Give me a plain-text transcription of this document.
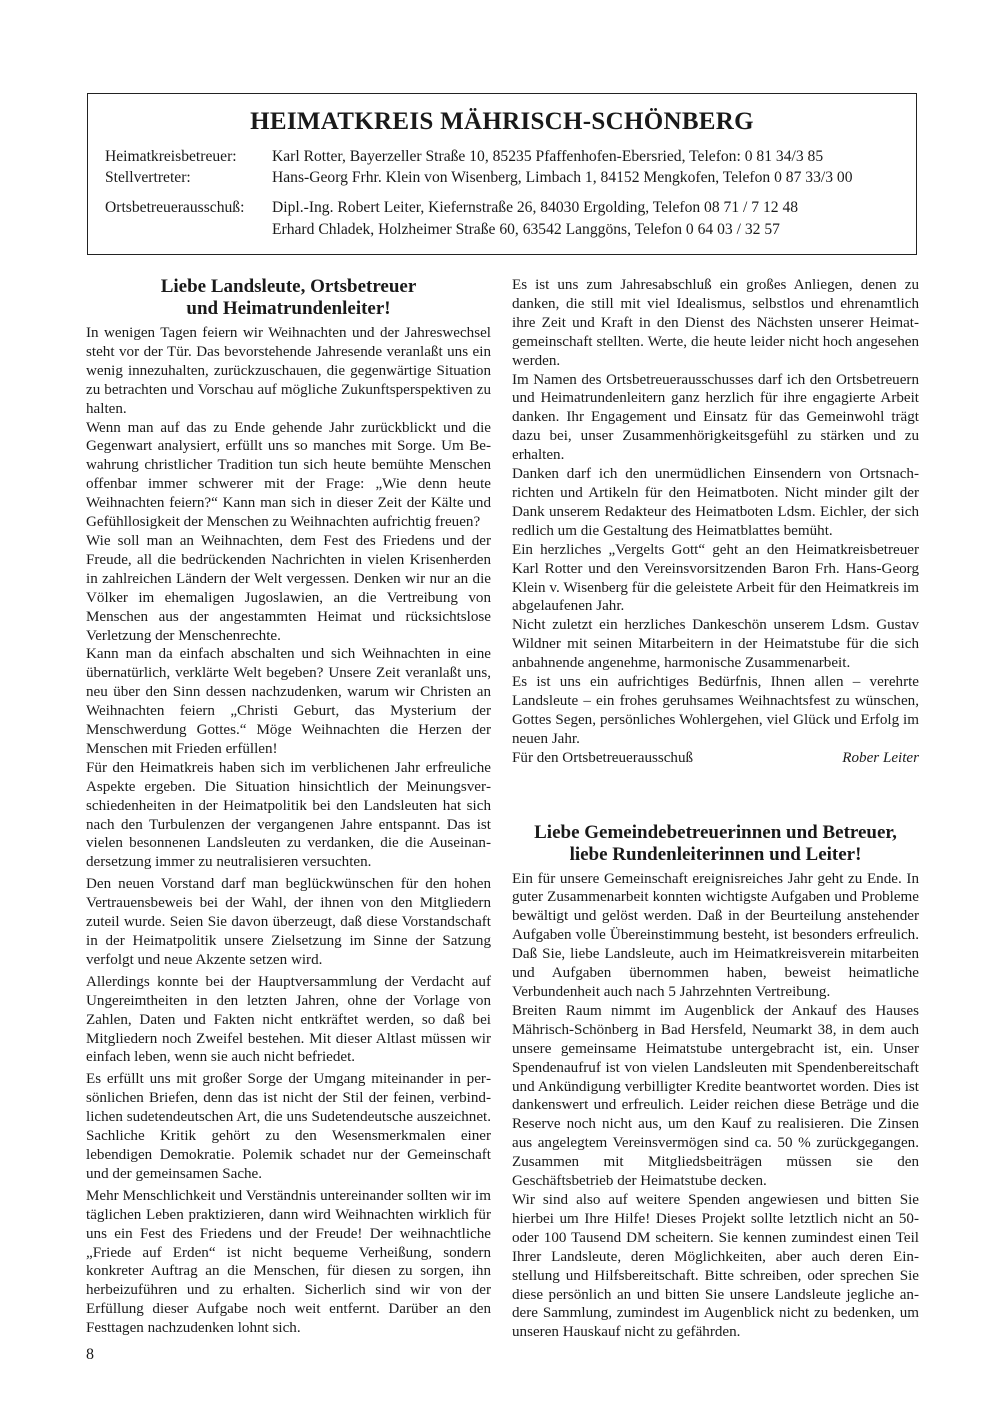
HEIMATKREIS MÄHRISCH-SCHÖNBERG
Heimatkreisbetreuer: Karl Rotter, Bayerzeller Straße 10, 85235 Pfaffenhofen-Ebersried, Telefon: 0 81 34/3 85
Stellvertreter:	Hans-Georg Frhr. Klein von Wisenberg, Limbach 1, 84152 Mengkofen, Telefon 0 87 33/3 00
Ortsbetreuerausschuß: Dipl.-Ing. Robert Leiter, Kiefernstraße 26, 84030 Ergolding, Telefon 08 71 / 7 12 48
Erhard Chladek, Holzheimer Straße 60, 63542 Langgöns, Telefon 0 64 03 / 32 57
Liebe Landsleute, Ortsbetreuer
und Heimatrundenleiter!

In wenigen Tagen feiern wir Weihnachten und der Jahreswechsel steht vor der Tür. Das bevorstehende Jahresende veranlaßt uns ein wenig innezuhalten, zurückzuschauen, die gegenwärtige Situation zu betrachten und Vorschau auf mögliche Zukunftsperspektiven zu halten.

Wenn man auf das zu Ende gehende Jahr zurückblickt und die Gegenwart analysiert, erfüllt uns so manches mit Sorge. Um Bewahrung christlicher Tradition tun sich heute bemühte Menschen offenbar immer schwerer mit der Frage: „Wie denn heute Weihnachten feiern?“ Kann man sich in dieser Zeit der Kälte und Gefühllosigkeit der Menschen zu Weihnachten aufrichtig freuen?

Wie soll man an Weihnachten, dem Fest des Friedens und der Freude, all die bedrückenden Nachrichten in vielen Krisenherden in zahlreichen Ländern der Welt vergessen. Denken wir nur an die Völker im ehemaligen Jugoslawien, an die Vertreibung von Menschen aus der angestammten Heimat und rücksichtslose Verletzung der Menschenrechte.

Kann man da einfach abschalten und sich Weihnachten in eine übernatürlich, verklärte Welt begeben? Unsere Zeit veranlaßt uns, neu über den Sinn dessen nachzudenken, warum wir Christen an Weihnachten feiern „Christi Geburt, das Mysterium der Menschwerdung Gottes.“ Möge Weihnachten die Herzen der Menschen mit Frieden erfüllen!

Für den Heimatkreis haben sich im verblichenen Jahr erfreuliche Aspekte ergeben. Die Situation hinsichtlich der Meinungsverschiedenheiten in der Heimatpolitik bei den Landsleuten hat sich nach den Turbulenzen der vergangenen Jahre entspannt. Das ist vielen besonnenen Landsleuten zu verdanken, die die Auseinandersetzung immer zu neutralisieren versuchten.

Den neuen Vorstand darf man beglückwünschen für den hohen Vertrauensbeweis bei der Wahl, der ihnen von den Mitgliedern zuteil wurde. Seien Sie davon überzeugt, daß diese Vorstandschaft in der Heimatpolitik unsere Zielsetzung im Sinne der Satzung verfolgt und neue Akzente setzen wird.

Allerdings konnte bei der Hauptversammlung der Verdacht auf Ungereimtheiten in den letzten Jahren, ohne der Vorlage von Zahlen, Daten und Fakten nicht entkräftet werden, so daß bei Mitgliedern noch Zweifel bestehen. Mit dieser Altlast müssen wir einfach leben, wenn sie auch nicht befriedet.

Es erfüllt uns mit großer Sorge der Umgang miteinander in persönlichen Briefen, denn das ist nicht der Stil der feinen, verbindlichen sudetendeutschen Art, die uns Sudetendeutsche auszeichnet. Sachliche Kritik gehört zu den Wesensmerkmalen einer lebendigen Demokratie. Polemik schadet nur der Gemeinschaft und der gemeinsamen Sache.

Mehr Menschlichkeit und Verständnis untereinander sollten wir im täglichen Leben praktizieren, dann wird Weihnachten wirklich für uns ein Fest des Friedens und der Freude! Der weihnachtliche „Friede auf Erden“ ist nicht bequeme Verheißung, sondern konkreter Auftrag an die Menschen, für diesen zu sorgen, ihn herbeizuführen und zu erhalten. Sicherlich sind wir von der Erfüllung dieser Aufgabe noch weit entfernt. Darüber an den Festtagen nachzudenken lohnt sich.

Es ist uns zum Jahresabschluß ein großes Anliegen, denen zu danken, die still mit viel Idealismus, selbstlos und ehrenamtlich ihre Zeit und Kraft in den Dienst des Nächsten unserer Heimatgemeinschaft stellten. Werte, die heute leider nicht hoch angesehen werden.

Im Namen des Ortsbetreuerausschusses darf ich den Ortsbetreuern und Heimatrundenleitern ganz herzlich für ihre engagierte Arbeit danken. Ihr Engagement und Einsatz für das Gemeinwohl trägt dazu bei, unser Zusammenhörigkeitsgefühl zu stärken und zu erhalten.

Danken darf ich den unermüdlichen Einsendern von Ortsnachrichten und Artikeln für den Heimatboten. Nicht minder gilt der Dank unserem Redakteur des Heimatboten Ldsm. Eichler, der sich redlich um die Gestaltung des Heimatblattes bemüht.

Ein herzliches „Vergelts Gott“ geht an den Heimatkreisbetreuer Karl Rotter und den Vereinsvorsitzenden Baron Frh. Hans-Georg Klein v. Wisenberg für die geleistete Arbeit für den Heimatkreis im abgelaufenen Jahr.

Nicht zuletzt ein herzliches Dankeschön unserem Ldsm. Gustav Wildner mit seinen Mitarbeitern in der Heimatstube für die sich anbahnende angenehme, harmonische Zusammenarbeit.

Es ist uns ein aufrichtiges Bedürfnis, Ihnen allen – verehrte Landsleute – ein frohes geruhsames Weihnachtsfest zu wünschen, Gottes Segen, persönliches Wohlergehen, viel Glück und Erfolg im neuen Jahr.

Für den Ortsbetreuerausschuß	Rober Leiter
Liebe Gemeindebetreuerinnen und Betreuer,
liebe Rundenleiterinnen und Leiter!

Ein für unsere Gemeinschaft ereignisreiches Jahr geht zu Ende. In guter Zusammenarbeit konnten wichtigste Aufgaben und Probleme bewältigt und gelöst werden. Daß in der Beurteilung anstehender Aufgaben volle Übereinstimmung besteht, ist besonders erfreulich. Daß Sie, liebe Landsleute, auch im Heimatkreisverein mitarbeiten und Aufgaben übernommen haben, beweist heimatliche Verbundenheit auch nach 5 Jahrzehnten Vertreibung.

Breiten Raum nimmt im Augenblick der Ankauf des Hauses Mährisch-Schönberg in Bad Hersfeld, Neumarkt 38, in dem auch unsere gemeinsame Heimatstube untergebracht ist, ein. Unser Spendenaufruf ist von vielen Landsleuten mit Spendenbereitschaft und Ankündigung verbilligter Kredite beantwortet worden. Dies ist dankenswert und erfreulich. Leider reichen diese Beträge und die Reserve noch nicht aus, um den Kauf zu realisieren. Die Zinsen aus angelegtem Vereinsvermögen sind ca. 50 % zurückgegangen. Zusammen mit Mitgliedsbeiträgen müssen sie den Geschäftsbetrieb der Heimatstube decken.

Wir sind also auf weitere Spenden angewiesen und bitten Sie hierbei um Ihre Hilfe! Dieses Projekt sollte letztlich nicht an 50- oder 100 Tausend DM scheitern. Sie kennen zumindest einen Teil Ihrer Landsleute, deren Möglichkeiten, aber auch deren Einstellung und Hilfsbereitschaft. Bitte schreiben, oder sprechen Sie diese persönlich an und bitten Sie unsere Landsleute jegliche andere Sammlung, zumindest im Augenblick nicht zu bedenken, um unseren Hauskauf nicht zu gefährden.

8
